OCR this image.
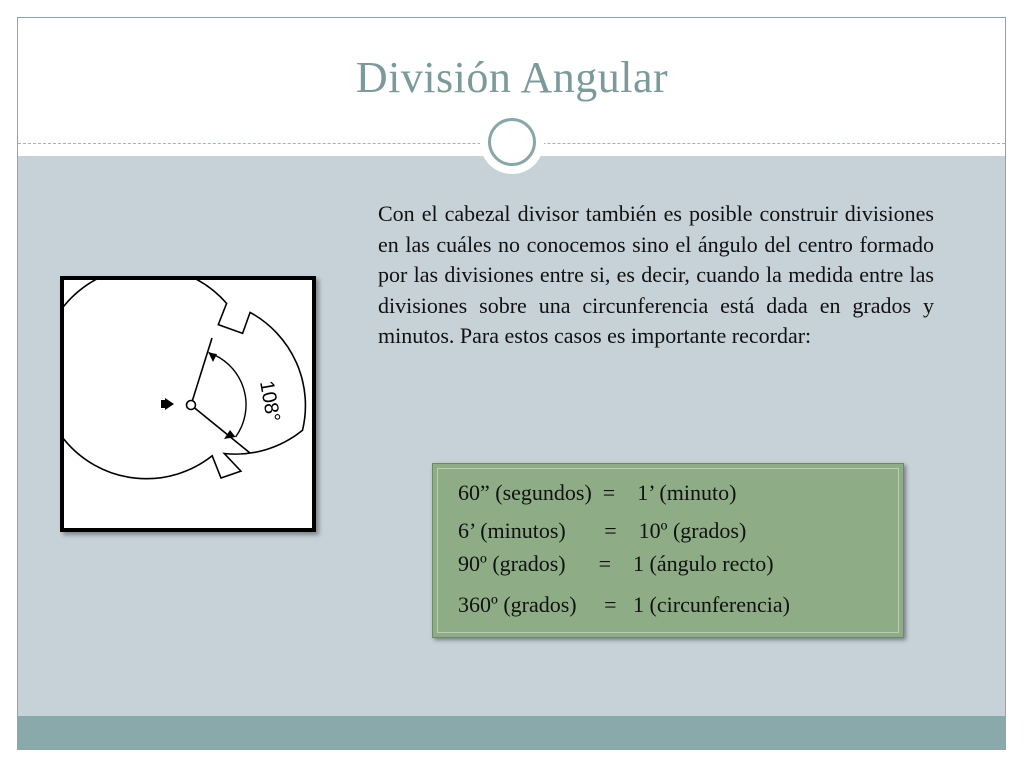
División Angular
108°
Con el cabezal divisor también es posible construir divisiones en las cuáles no conocemos sino el ángulo del centro formado por las divisiones entre si, es decir, cuando la medida entre las divisiones sobre una circunferencia está dada en grados y minutos. Para estos casos es importante recordar:
60” (segundos)  =    1’ (minuto)
6’ (minutos)       =    10º (grados)
90º (grados)      =    1 (ángulo recto)
360º (grados)     =   1 (circunferencia)
